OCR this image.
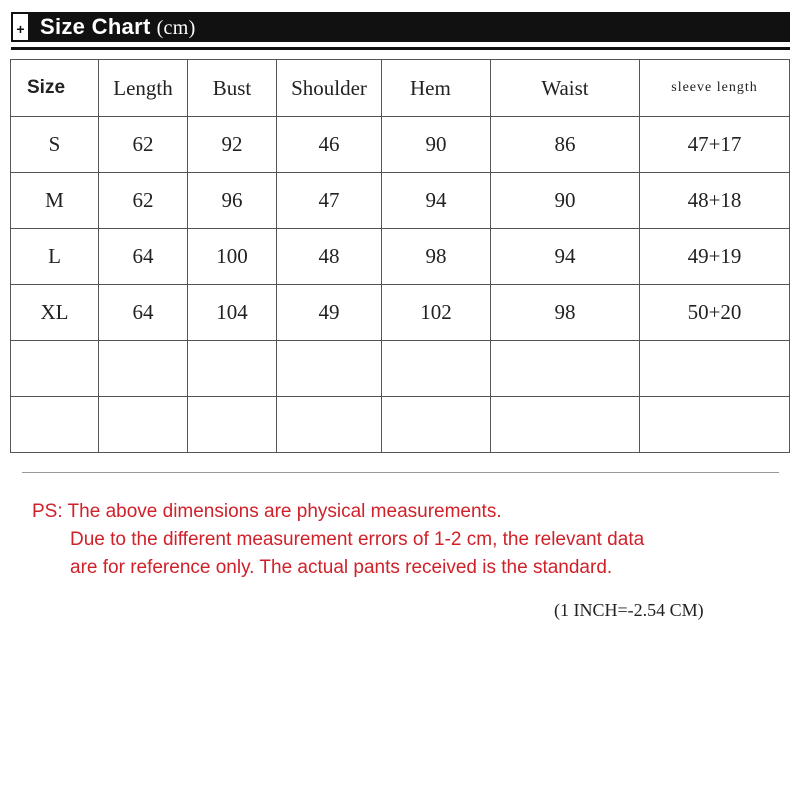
+ Size Chart (cm)
Size	Length	Bust	Shoulder	Hem	Waist	sleeve length
S	62	92	46	90	86	47+17
M	62	96	47	94	90	48+18
L	64	100	48	98	94	49+19
XL	64	104	49	102	98	50+20

PS: The above dimensions are physical measurements.
Due to the different measurement errors of 1-2 cm, the relevant data
are for reference only. The actual pants received is the standard.
(1 INCH=-2.54 CM)
